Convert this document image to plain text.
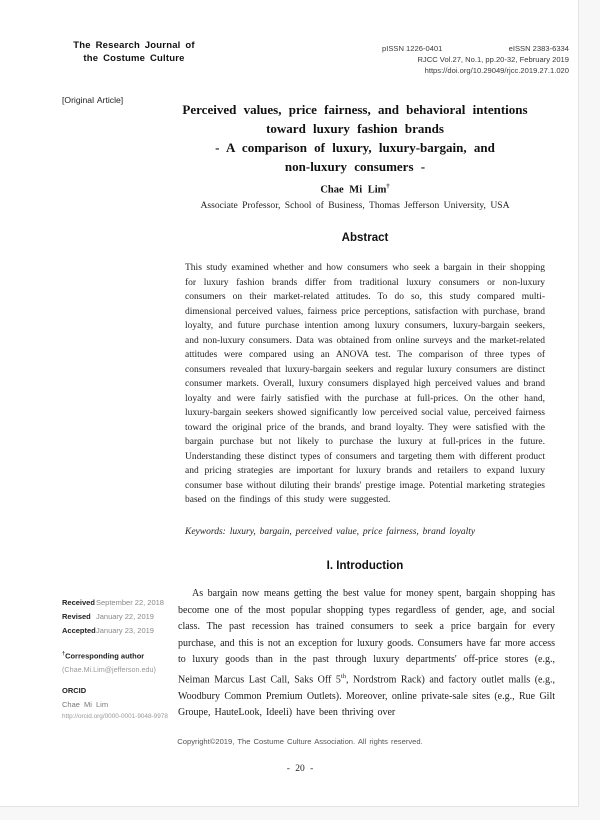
The Research Journal of
the Costume Culture
pISSN 1226-0401	eISSN 2383-6334
RJCC Vol.27, No.1, pp.20-32, February 2019
https://doi.org/10.29049/rjcc.2019.27.1.020
[Original Article]
Perceived values, price fairness, and behavioral intentions
toward luxury fashion brands
- A comparison of luxury, luxury-bargain, and
non-luxury consumers -
Chae Mi Lim†
Associate Professor, School of Business, Thomas Jefferson University, USA
Abstract
This study examined whether and how consumers who seek a bargain in their shopping for luxury fashion brands differ from traditional luxury consumers or non-luxury consumers on their market-related attitudes. To do so, this study compared multi-dimensional perceived values, fairness price perceptions, satisfaction with purchase, brand loyalty, and future purchase intention among luxury consumers, luxury-bargain seekers, and non-luxury consumers. Data was obtained from online surveys and the market-related attitudes were compared using an ANOVA test. The comparison of three types of consumers revealed that luxury-bargain seekers and regular luxury consumers are distinct consumer markets. Overall, luxury consumers displayed high perceived values and brand loyalty and were fairly satisfied with the purchase at full-prices. On the other hand, luxury-bargain seekers showed significantly low perceived social value, perceived fairness toward the original price of the brands, and brand loyalty. They were satisfied with the bargain purchase but not likely to purchase the luxury at full-prices in the future. Understanding these distinct types of consumers and targeting them with different product and pricing strategies are important for luxury brands and retailers to expand luxury consumer base without diluting their brands' prestige image. Potential marketing strategies based on the findings of this study were suggested.
Keywords: luxury, bargain, perceived value, price fairness, brand loyalty
I. Introduction

As bargain now means getting the best value for money spent, bargain shopping has become one of the most popular shopping types regardless of gender, age, and social class. The past recession has trained consumers to seek a price bargain for every purchase, and this is not an exception for luxury goods. Consumers have far more access to luxury goods than in the past through luxury departments' off-price stores (e.g., Neiman Marcus Last Call, Saks Off 5th, Nordstrom Rack) and factory outlet malls (e.g., Woodbury Common Premium Outlets). Moreover, online private-sale sites (e.g., Rue Gilt Groupe, HauteLook, Ideeli) have been thriving over

Received September 22, 2018
Revised January 22, 2019
Accepted January 23, 2019
†Corresponding author
(Chae.Mi.Lim@jefferson.edu)
ORCID
Chae Mi Lim
http://orcid.org/0000-0001-9048-9978
Copyright©2019, The Costume Culture Association. All rights reserved.
- 20 -
